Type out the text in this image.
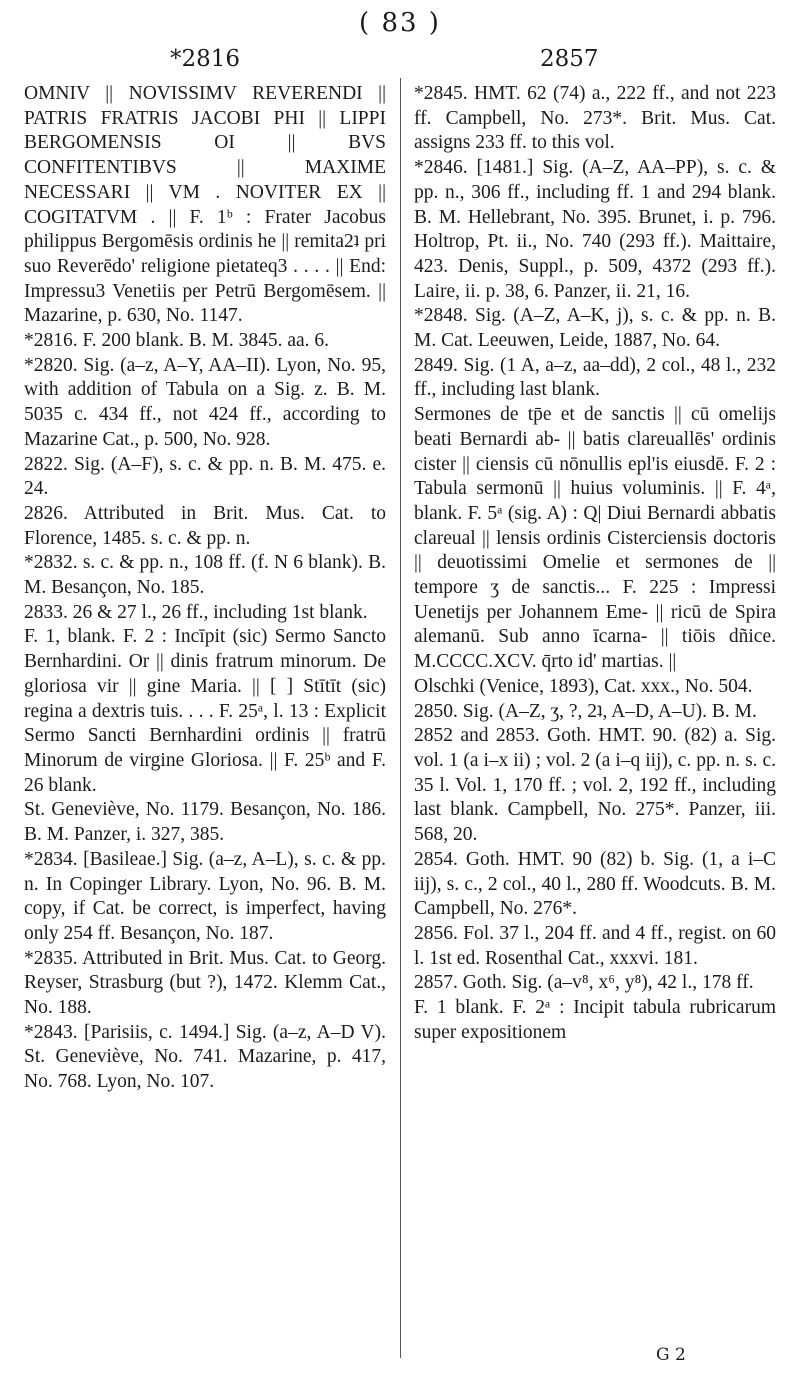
( 83 )
*2816	2857

OMNIV || NOVISSIMV REVERENDI || PATRIS FRATRIS JACOBI PHI || LIPPI BERGOMENSIS OI || BVS CONFITENTIBVS || MAXIME NECESSARI || VM . NOVITER EX || COGITATVM . || F. 1ᵇ : Frater Jacobus philippus Bergomēsis ordinis he || remita2ʇ pri suo Reverēdo' religione pietateq3 . . . . || End: Impressu3 Venetiis per Petrū Bergomēsem. || Mazarine, p. 630, No. 1147.

*2816. F. 200 blank. B. M. 3845. aa. 6.

*2820. Sig. (a–z, A–Y, AA–II). Lyon, No. 95, with addition of Tabula on a Sig. z. B. M. 5035 c. 434 ff., not 424 ff., according to Mazarine Cat., p. 500, No. 928.

2822. Sig. (A–F), s. c. & pp. n. B. M. 475. e. 24.

2826. Attributed in Brit. Mus. Cat. to Florence, 1485. s. c. & pp. n.

*2832. s. c. & pp. n., 108 ff. (f. N 6 blank). B. M. Besançon, No. 185.

2833. 26 & 27 l., 26 ff., including 1st blank.

F. 1, blank. F. 2 : Incīpit (sic) Sermo Sancto Bernhardini. Or || dinis fratrum minorum. De gloriosa vir || gine Maria. || [ ] Stītīt (sic) regina a dextris tuis. . . . F. 25ᵃ, l. 13 : Explicit Sermo Sancti Bernhardini ordinis || fratrū Minorum de virgine Gloriosa. || F. 25ᵇ and F. 26 blank.

St. Geneviève, No. 1179. Besançon, No. 186. B. M. Panzer, i. 327, 385.

*2834. [Basileae.] Sig. (a–z, A–L), s. c. & pp. n. In Copinger Library. Lyon, No. 96. B. M. copy, if Cat. be correct, is imperfect, having only 254 ff. Besançon, No. 187.

*2835. Attributed in Brit. Mus. Cat. to Georg. Reyser, Strasburg (but ?), 1472. Klemm Cat., No. 188.

*2843. [Parisiis, c. 1494.] Sig. (a–z, A–D V). St. Geneviève, No. 741. Mazarine, p. 417, No. 768. Lyon, No. 107.

*2845. HMT. 62 (74) a., 222 ff., and not 223 ff. Campbell, No. 273*. Brit. Mus. Cat. assigns 233 ff. to this vol.

*2846. [1481.] Sig. (A–Z, AA–PP), s. c. & pp. n., 306 ff., including ff. 1 and 294 blank. B. M. Hellebrant, No. 395. Brunet, i. p. 796. Holtrop, Pt. ii., No. 740 (293 ff.). Maittaire, 423. Denis, Suppl., p. 509, 4372 (293 ff.). Laire, ii. p. 38, 6. Panzer, ii. 21, 16.

*2848. Sig. (A–Z, A–K, j), s. c. & pp. n. B. M. Cat. Leeuwen, Leide, 1887, No. 64.

2849. Sig. (1 A, a–z, aa–dd), 2 col., 48 l., 232 ff., including last blank.

Sermones de tp̄e et de sanctis || cū omelijs beati Bernardi ab- || batis clareuallēs' ordinis cister || ciensis cū nōnullis epl'is eiusdē. F. 2 : Tabula sermonū || huius voluminis. || F. 4ᵃ, blank. F. 5ᵃ (sig. A) : Q| Diui Bernardi abbatis clareual || lensis ordinis Cisterciensis doctoris || deuotissimi Omelie et sermones de || tempore ʒ de sanctis... F. 225 : Impressi Uenetijs per Johannem Eme- || ricū de Spira alemanū. Sub anno īcarna- || tiōis dñice. M.CCCC.XCV. q̄rto id' martias. ||

Olschki (Venice, 1893), Cat. xxx., No. 504.

2850. Sig. (A–Z, ʒ, ?, 2ʇ, A–D, A–U). B. M.

2852 and 2853. Goth. HMT. 90. (82) a. Sig. vol. 1 (a i–x ii) ; vol. 2 (a i–q iij), c. pp. n. s. c. 35 l. Vol. 1, 170 ff. ; vol. 2, 192 ff., including last blank. Campbell, No. 275*. Panzer, iii. 568, 20.

2854. Goth. HMT. 90 (82) b. Sig. (1, a i–C iij), s. c., 2 col., 40 l., 280 ff. Woodcuts. B. M. Campbell, No. 276*.

2856. Fol. 37 l., 204 ff. and 4 ff., regist. on 60 l. 1st ed. Rosenthal Cat., xxxvi. 181.

2857. Goth. Sig. (a–v⁸, x⁶, y⁸), 42 l., 178 ff.

F. 1 blank. F. 2ᵃ : Incipit tabula rubricarum super expositionem

G 2
